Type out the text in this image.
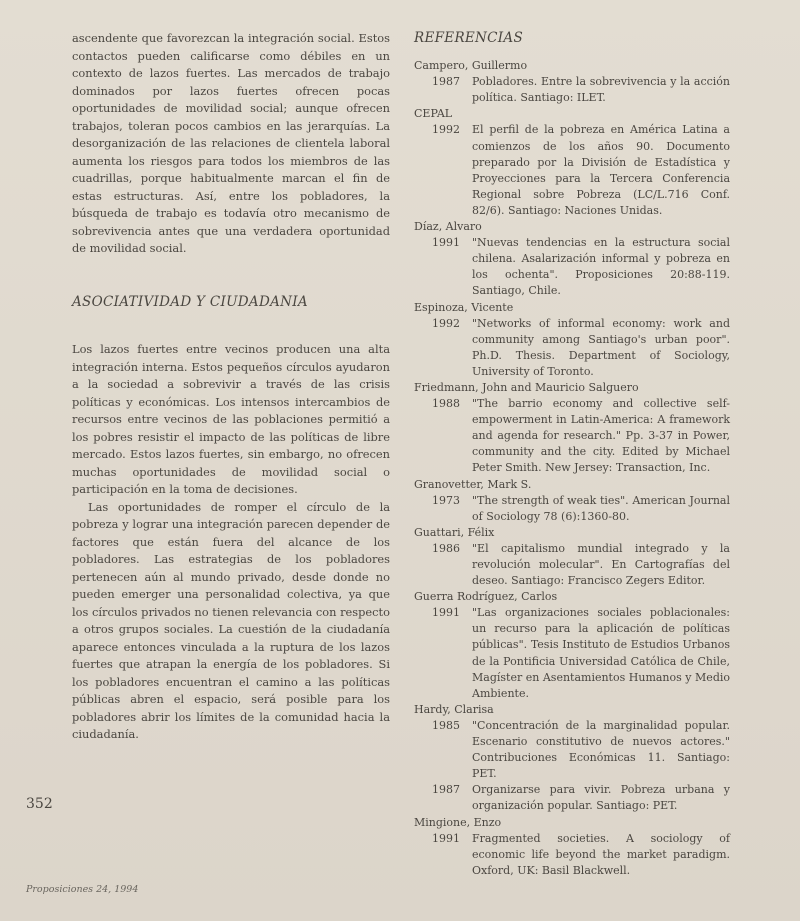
ascendente que favorezcan la integración social. Estos contactos pueden calificarse como débiles en un contexto de lazos fuertes. Las mercados de trabajo dominados por lazos fuertes ofrecen pocas oportunidades de movilidad social; aunque ofrecen trabajos, toleran pocos cambios en las jerarquías. La desorganización de las relaciones de clientela laboral aumenta los riesgos para todos los miembros de las cuadrillas, porque habitualmente marcan el fin de estas estructuras. Así, entre los pobladores, la búsqueda de trabajo es todavía otro mecanismo de sobrevivencia antes que una verdadera oportunidad de movilidad social.

ASOCIATIVIDAD Y CIUDADANIA

Los lazos fuertes entre vecinos producen una alta integración interna. Estos pequeños círculos ayudaron a la sociedad a sobrevivir a través de las crisis políticas y económicas. Los intensos intercambios de recursos entre vecinos de las poblaciones permitió a los pobres resistir el impacto de las políticas de libre mercado. Estos lazos fuertes, sin embargo, no ofrecen muchas oportunidades de movilidad social o participación en la toma de decisiones.

Las oportunidades de romper el círculo de la pobreza y lograr una integración parecen depender de factores que están fuera del alcance de los pobladores. Las estrategias de los pobladores pertenecen aún al mundo privado, desde donde no pueden emerger una personalidad colectiva, ya que los círculos privados no tienen relevancia con respecto a otros grupos sociales. La cuestión de la ciudadanía aparece entonces vinculada a la ruptura de los lazos fuertes que atrapan la energía de los pobladores. Si los pobladores encuentran el camino a las políticas públicas abren el espacio, será posible para los pobladores abrir los límites de la comunidad hacia la ciudadanía.

REFERENCIAS
Campero, Guillermo
1987	Pobladores. Entre la sobrevivencia y la acción política. Santiago: ILET.
CEPAL
1992	El perfil de la pobreza en América Latina a comienzos de los años 90. Documento preparado por la División de Estadística y Proyecciones para la Tercera Conferencia Regional sobre Pobreza (LC/L.716 Conf. 82/6). Santiago: Naciones Unidas.
Díaz, Alvaro
1991	"Nuevas tendencias en la estructura social chilena. Asalarización informal y pobreza en los ochenta". Proposiciones 20:88-119. Santiago, Chile.
Espinoza, Vicente
1992	"Networks of informal economy: work and community among Santiago's urban poor". Ph.D. Thesis. Department of Sociology, University of Toronto.
Friedmann, John and Mauricio Salguero
1988	"The barrio economy and collective self-empowerment in Latin-America: A framework and agenda for research." Pp. 3-37 in Power, community and the city. Edited by Michael Peter Smith. New Jersey: Transaction, Inc.
Granovetter, Mark S.
1973	"The strength of weak ties". American Journal of Sociology 78 (6):1360-80.
Guattari, Félix
1986	"El capitalismo mundial integrado y la revolución molecular". En Cartografías del deseo. Santiago: Francisco Zegers Editor.
Guerra Rodríguez, Carlos
1991	"Las organizaciones sociales poblacionales: un recurso para la aplicación de políticas públicas". Tesis Instituto de Estudios Urbanos de la Pontificia Universidad Católica de Chile, Magíster en Asentamientos Humanos y Medio Ambiente.
Hardy, Clarisa
1985	"Concentración de la marginalidad popular. Escenario constitutivo de nuevos actores." Contribuciones Económicas 11. Santiago: PET.
1987	Organizarse para vivir. Pobreza urbana y organización popular. Santiago: PET.
Mingione, Enzo
1991	Fragmented societies. A sociology of economic life beyond the market paradigm. Oxford, UK: Basil Blackwell.
352
Proposiciones 24, 1994
